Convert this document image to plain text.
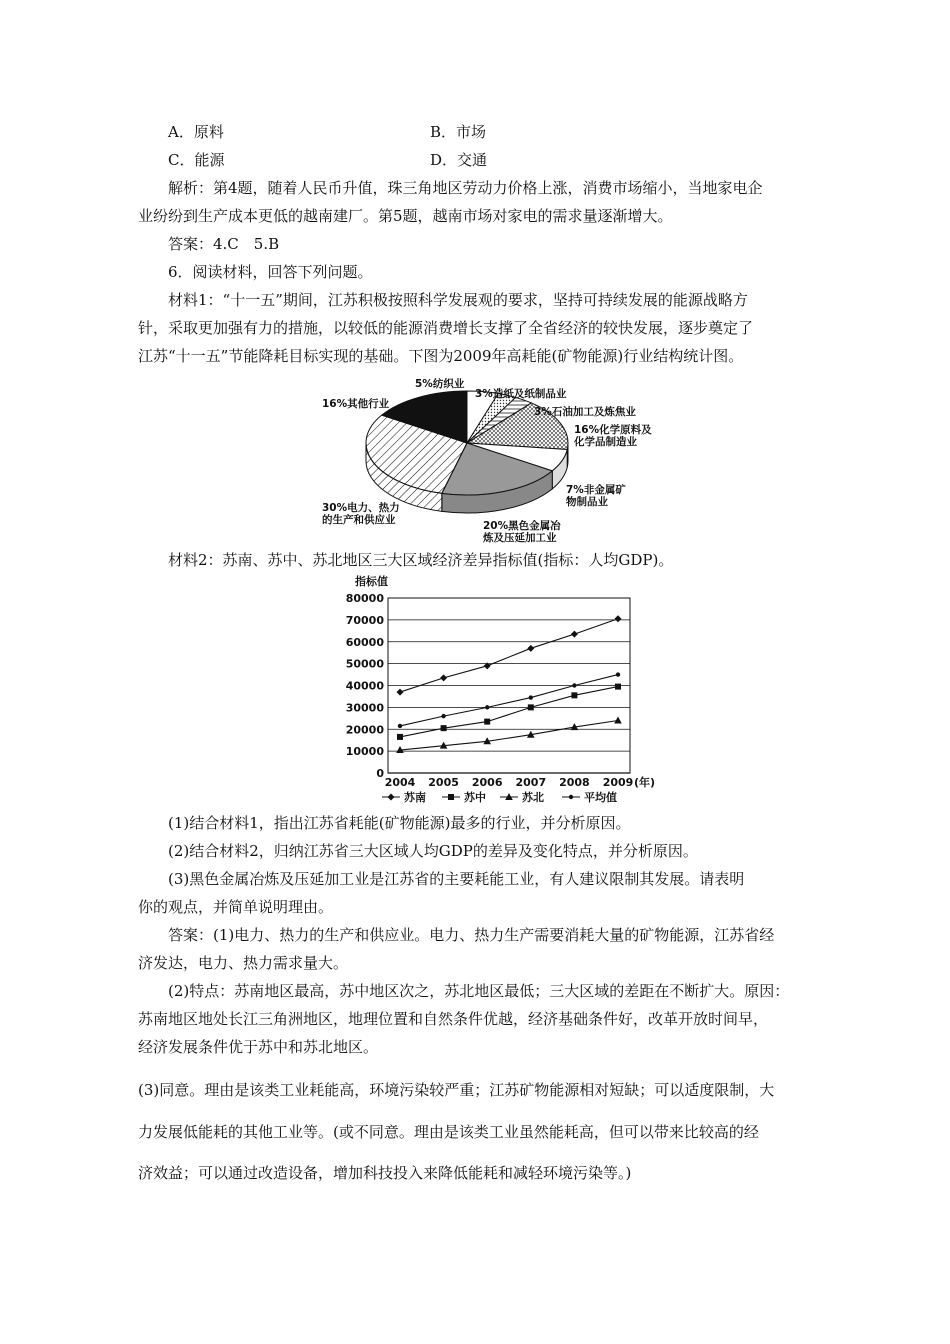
A．原料	B．市场
C．能源	D．交通
解析：第4题，随着人民币升值，珠三角地区劳动力价格上涨，消费市场缩小，当地家电企
业纷纷到生产成本更低的越南建厂。第5题，越南市场对家电的需求量逐渐增大。
答案：4.C　5.B
6．阅读材料，回答下列问题。
材料1：“十一五”期间，江苏积极按照科学发展观的要求，坚持可持续发展的能源战略方
针，采取更加强有力的措施，以较低的能源消费增长支撑了全省经济的较快发展，逐步奠定了
江苏“十一五”节能降耗目标实现的基础。下图为2009年高耗能(矿物能源)行业结构统计图。
5%纺织业
3%造纸及纸制品业
3%石油加工及炼焦业
16%化学原料及化学品制造业
7%非金属矿物制品业
20%黑色金属冶炼及压延加工业
30%电力、热力的生产和供应业
16%其他行业
材料2：苏南、苏中、苏北地区三大区域经济差异指标值(指标：人均GDP)。
指标值
0
10000
20000
30000
40000
50000
60000
70000
80000
2004 2005 2006 2007 2008 2009 (年)
苏南	苏中	苏北	平均值
(1)结合材料1，指出江苏省耗能(矿物能源)最多的行业，并分析原因。
(2)结合材料2，归纳江苏省三大区域人均GDP的差异及变化特点，并分析原因。
(3)黑色金属冶炼及压延加工业是江苏省的主要耗能工业，有人建议限制其发展。请表明
你的观点，并简单说明理由。
答案：(1)电力、热力的生产和供应业。电力、热力生产需要消耗大量的矿物能源，江苏省经
济发达，电力、热力需求量大。
(2)特点：苏南地区最高，苏中地区次之，苏北地区最低；三大区域的差距在不断扩大。原因：
苏南地区地处长江三角洲地区，地理位置和自然条件优越，经济基础条件好，改革开放时间早，
经济发展条件优于苏中和苏北地区。
(3)同意。理由是该类工业耗能高，环境污染较严重；江苏矿物能源相对短缺；可以适度限制，大
力发展低能耗的其他工业等。(或不同意。理由是该类工业虽然能耗高，但可以带来比较高的经
济效益；可以通过改造设备，增加科技投入来降低能耗和减轻环境污染等。)
